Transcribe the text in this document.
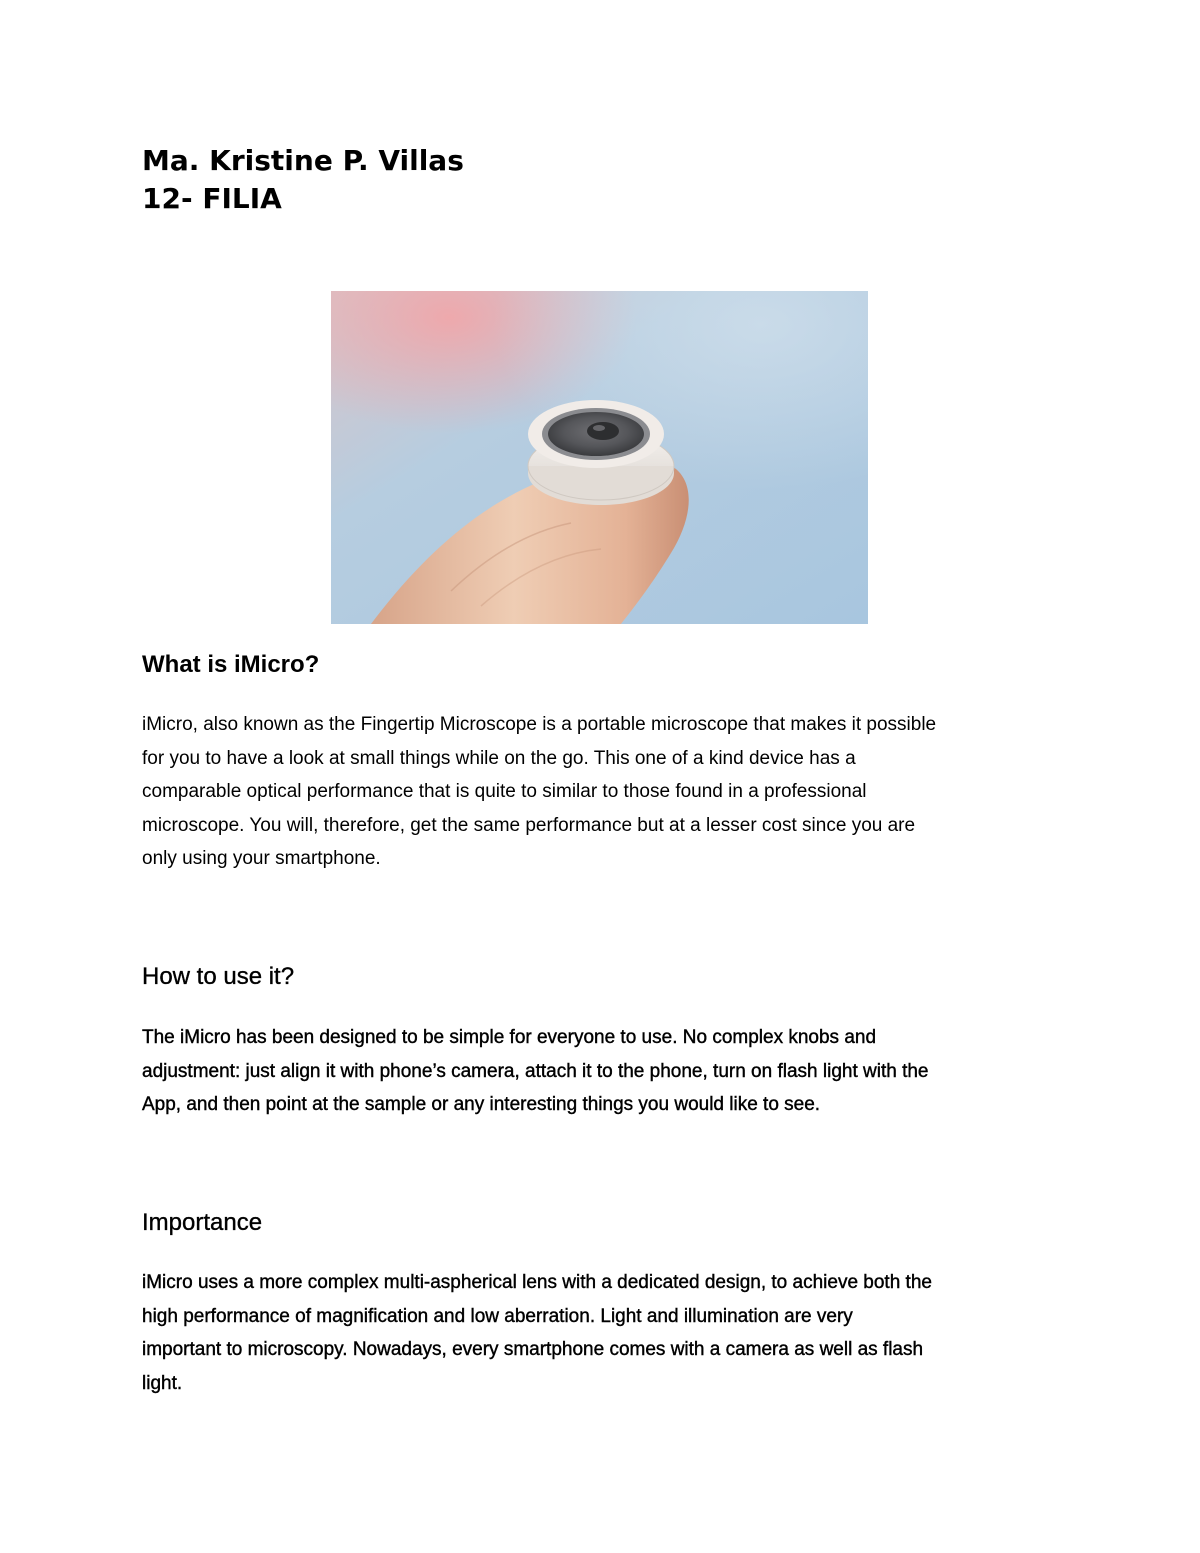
Ma. Kristine P. Villas
12- FILIA
What is iMicro?
iMicro, also known as the Fingertip Microscope is a portable microscope that makes it possible
for you to have a look at small things while on the go. This one of a kind device has a
comparable optical performance that is quite to similar to those found in a professional
microscope. You will, therefore, get the same performance but at a lesser cost since you are
only using your smartphone.
How to use it?
The iMicro has been designed to be simple for everyone to use. No complex knobs and
adjustment: just align it with phone’s camera, attach it to the phone, turn on flash light with the
App, and then point at the sample or any interesting things you would like to see.
Importance
iMicro uses a more complex multi-aspherical lens with a dedicated design, to achieve both the
high performance of magnification and low aberration. Light and illumination are very
important to microscopy. Nowadays, every smartphone comes with a camera as well as flash
light.
